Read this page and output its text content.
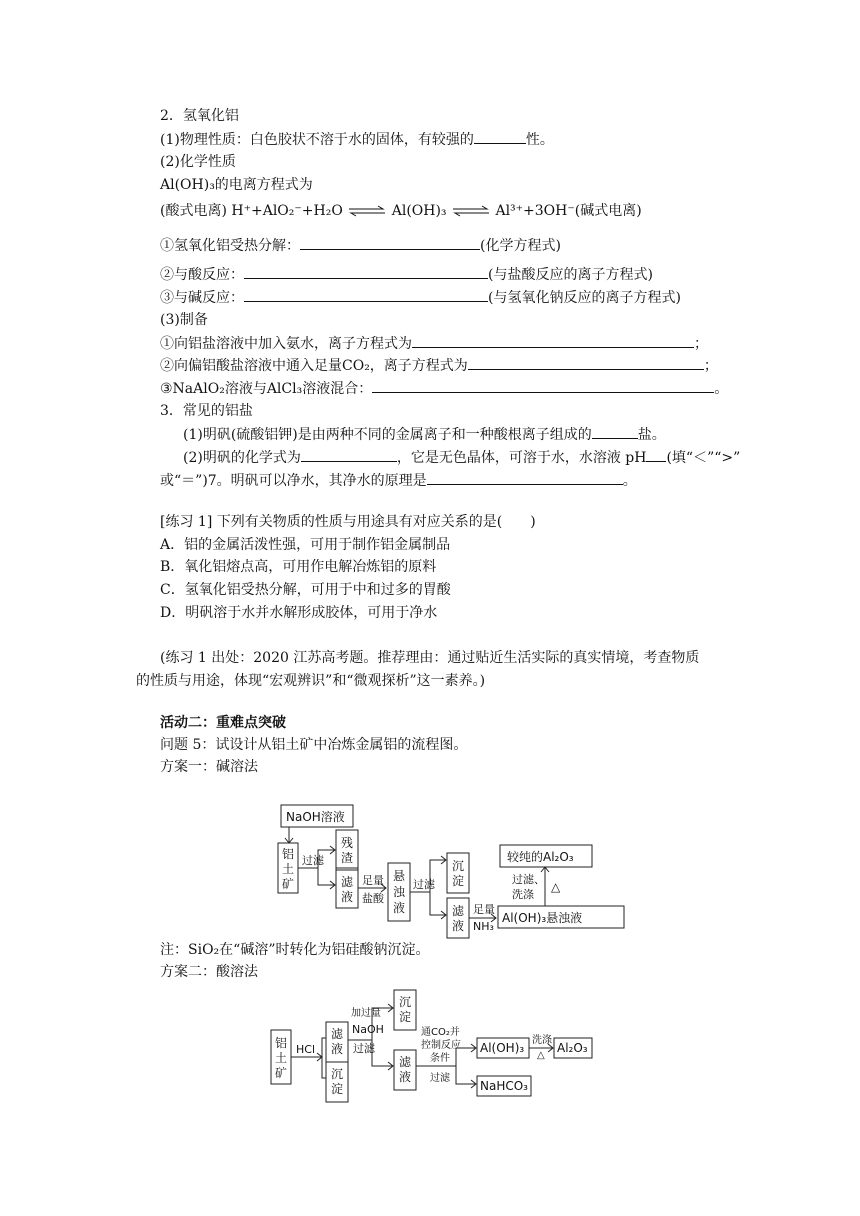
2．氢氧化铝
(1)物理性质：白色胶状不溶于水的固体，有较强的	性。
(2)化学性质
Al(OH)₃的电离方程式为
(酸式电离) H⁺+AlO₂⁻+H₂O ⇌ Al(OH)₃ ⇌ Al³⁺+3OH⁻(碱式电离)
①氢氧化铝受热分解：	(化学方程式)
②与酸反应：	(与盐酸反应的离子方程式)
③与碱反应：	(与氢氧化钠反应的离子方程式)
(3)制备
①向铝盐溶液中加入氨水，离子方程式为	；
②向偏铝酸盐溶液中通入足量CO₂，离子方程式为	；
③NaAlO₂溶液与AlCl₃溶液混合：	。
3．常见的铝盐
(1)明矾(硫酸铝钾)是由两种不同的金属离子和一种酸根离子组成的	盐。
(2)明矾的化学式为	，它是无色晶体，可溶于水，水溶液 pH (填“＜”“>”
或“＝”)7。明矾可以净水，其净水的原理是	。
[练习 1] 下列有关物质的性质与用途具有对应关系的是(　　)
A．铝的金属活泼性强，可用于制作铝金属制品
B．氧化铝熔点高，可用作电解冶炼铝的原料
C．氢氧化铝受热分解，可用于中和过多的胃酸
D．明矾溶于水并水解形成胶体，可用于净水
(练习 1 出处：2020 江苏高考题。推荐理由：通过贴近生活实际的真实情境，考查物质
的性质与用途，体现“宏观辨识”和“微观探析”这一素养。)
活动二：重难点突破
问题 5：试设计从铝土矿中冶炼金属铝的流程图。
方案一：碱溶法
注：SiO₂在“碱溶”时转化为铝硅酸钠沉淀。
方案二：酸溶法
NaOH溶液
铝
土
矿
过滤
残
渣
滤
液
足量
盐酸
悬
浊
液
过滤
沉
淀
滤
液
足量
NH₃
Al(OH)₃悬浊液
较纯的Al₂O₃
过滤、
洗涤
△
铝
土
矿
HCl
滤
液
沉
淀
加过量
NaOH
过滤
沉
淀
滤
液
通CO₂并
控制反应
条件
过滤
Al(OH)₃
洗涤
△
Al₂O₃
NaHCO₃
